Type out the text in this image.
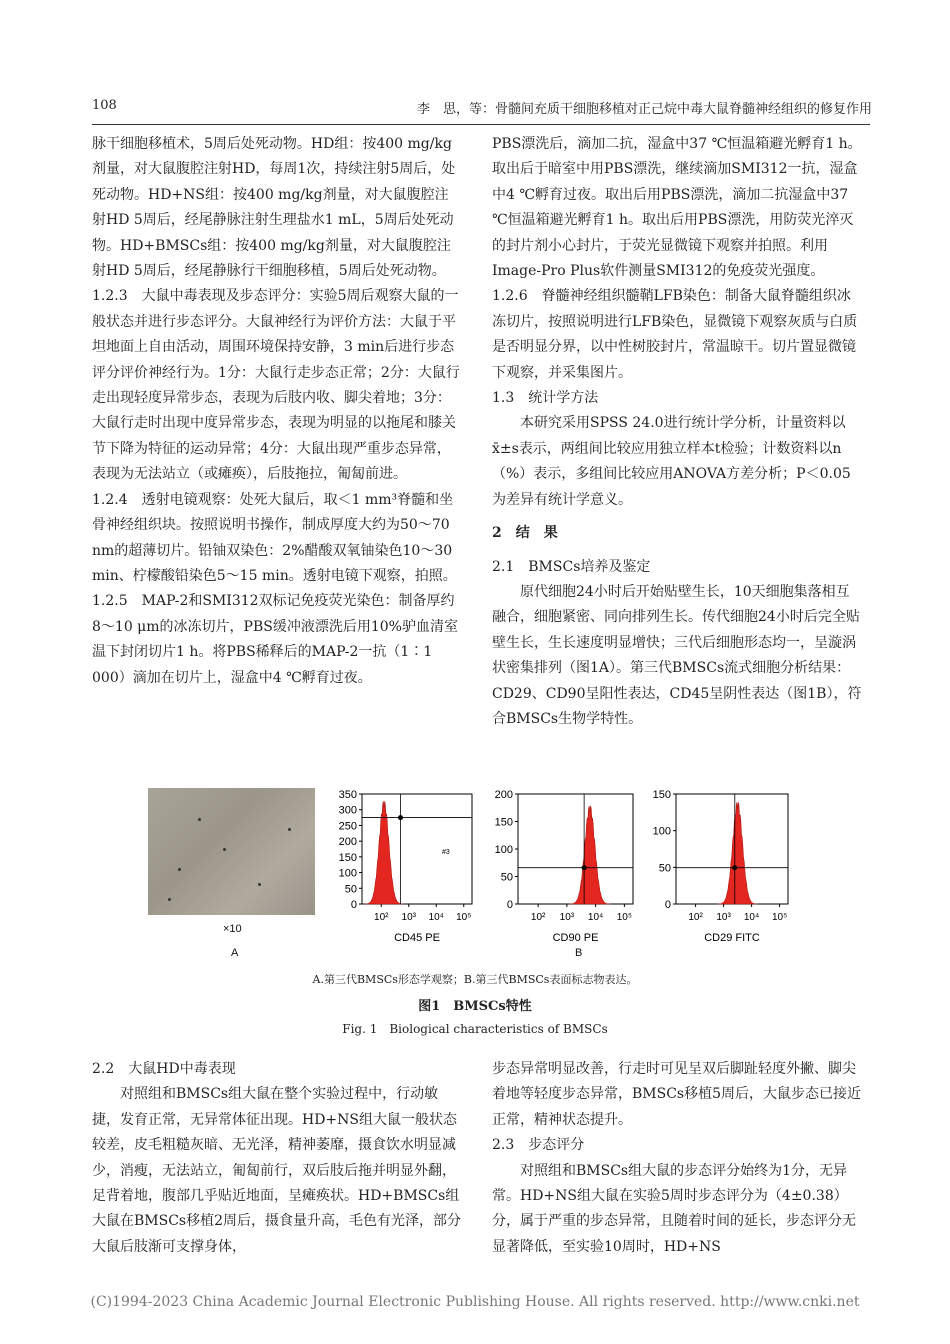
108	李　思，等：骨髓间充质干细胞移植对正己烷中毒大鼠脊髓神经组织的修复作用

脉干细胞移植术，5周后处死动物。HD组：按400 mg/kg剂量，对大鼠腹腔注射HD，每周1次，持续注射5周后，处死动物。HD+NS组：按400 mg/kg剂量，对大鼠腹腔注射HD 5周后，经尾静脉注射生理盐水1 mL，5周后处死动物。HD+BMSCs组：按400 mg/kg剂量，对大鼠腹腔注射HD 5周后，经尾静脉行干细胞移植，5周后处死动物。

1.2.3　大鼠中毒表现及步态评分：实验5周后观察大鼠的一般状态并进行步态评分。大鼠神经行为评价方法：大鼠于平坦地面上自由活动，周围环境保持安静，3 min后进行步态评分评价神经行为。1分：大鼠行走步态正常；2分：大鼠行走出现轻度异常步态，表现为后肢内收、脚尖着地；3分：大鼠行走时出现中度异常步态，表现为明显的以拖尾和膝关节下降为特征的运动异常；4分：大鼠出现严重步态异常，表现为无法站立（或瘫痪），后肢拖拉，匍匐前进。

1.2.4　透射电镜观察：处死大鼠后，取＜1 mm³脊髓和坐骨神经组织块。按照说明书操作，制成厚度大约为50～70 nm的超薄切片。铅铀双染色：2%醋酸双氧铀染色10～30 min、柠檬酸铅染色5～15 min。透射电镜下观察，拍照。

1.2.5　MAP-2和SMI312双标记免疫荧光染色：制备厚约8～10 μm的冰冻切片，PBS缓冲液漂洗后用10%驴血清室温下封闭切片1 h。将PBS稀释后的MAP-2一抗（1∶1 000）滴加在切片上，湿盒中4 ℃孵育过夜。

PBS漂洗后，滴加二抗，湿盒中37 ℃恒温箱避光孵育1 h。取出后于暗室中用PBS漂洗，继续滴加SMI312一抗，湿盒中4 ℃孵育过夜。取出后用PBS漂洗，滴加二抗湿盒中37 ℃恒温箱避光孵育1 h。取出后用PBS漂洗，用防荧光淬灭的封片剂小心封片，于荧光显微镜下观察并拍照。利用Image-Pro Plus软件测量SMI312的免疫荧光强度。

1.2.6　脊髓神经组织髓鞘LFB染色：制备大鼠脊髓组织冰冻切片，按照说明进行LFB染色，显微镜下观察灰质与白质是否明显分界，以中性树胶封片，常温晾干。切片置显微镜下观察，并采集图片。

1.3　统计学方法

本研究采用SPSS 24.0进行统计学分析，计量资料以x̄±s表示，两组间比较应用独立样本t检验；计数资料以n（%）表示，多组间比较应用ANOVA方差分析；P＜0.05为差异有统计学意义。

2　结　果

2.1　BMSCs培养及鉴定

原代细胞24小时后开始贴壁生长，10天细胞集落相互融合，细胞紧密、同向排列生长。传代细胞24小时后完全贴壁生长，生长速度明显增快；三代后细胞形态均一，呈漩涡状密集排列（图1A）。第三代BMSCs流式细胞分析结果：CD29、CD90呈阳性表达，CD45呈阴性表达（图1B），符合BMSCs生物学特性。

×10
A	B
0
50
100
150
200
250
300
350
10² 10³ 10⁴ 10⁵
CD45 PE
0
50
100
150
200
10² 10³ 10⁴ 10⁵
CD90 PE
0
50
100
150
10² 10³ 10⁴ 10⁵
CD29 FITC
#3
A.第三代BMSCs形态学观察；B.第三代BMSCs表面标志物表达。
图1　BMSCs特性
Fig. 1　Biological characteristics of BMSCs

2.2　大鼠HD中毒表现

对照组和BMSCs组大鼠在整个实验过程中，行动敏捷，发育正常，无异常体征出现。HD+NS组大鼠一般状态较差，皮毛粗糙灰暗、无光泽，精神萎靡，摄食饮水明显减少，消瘦，无法站立，匍匐前行，双后肢后拖并明显外翻，足背着地，腹部几乎贴近地面，呈瘫痪状。HD+BMSCs组大鼠在BMSCs移植2周后，摄食量升高，毛色有光泽，部分大鼠后肢渐可支撑身体，

步态异常明显改善，行走时可见呈双后脚趾轻度外撇、脚尖着地等轻度步态异常，BMSCs移植5周后，大鼠步态已接近正常，精神状态提升。

2.3　步态评分

对照组和BMSCs组大鼠的步态评分始终为1分，无异常。HD+NS组大鼠在实验5周时步态评分为（4±0.38）分，属于严重的步态异常，且随着时间的延长，步态评分无显著降低，至实验10周时，HD+NS

(C)1994-2023 China Academic Journal Electronic Publishing House. All rights reserved. http://www.cnki.net
